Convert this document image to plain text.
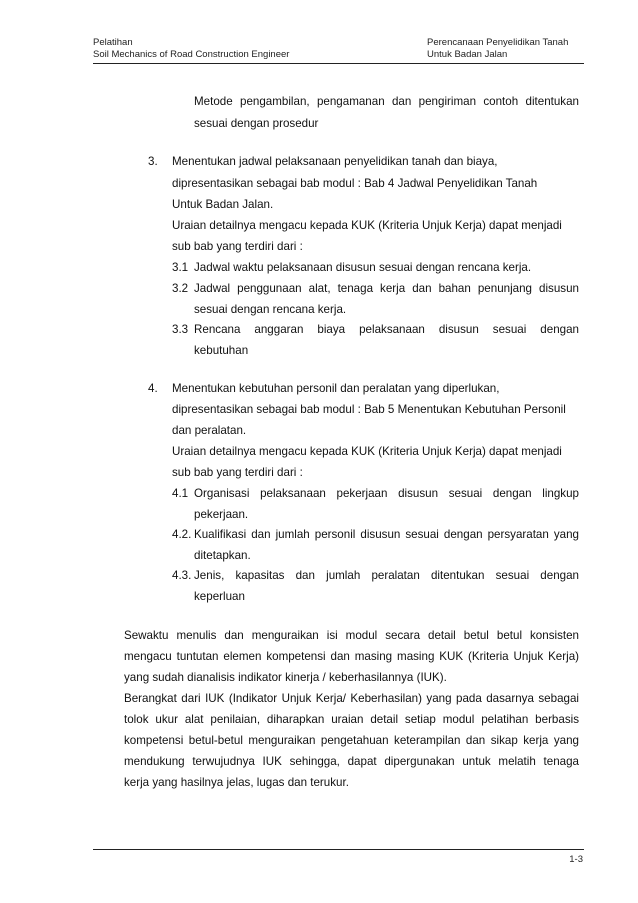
Pelatihan
Soil Mechanics of Road Construction Engineer
Perencanaan Penyelidikan Tanah
Untuk Badan Jalan
Metode pengambilan, pengamanan dan pengiriman contoh ditentukan
sesuai dengan prosedur
3. Menentukan jadwal pelaksanaan penyelidikan tanah dan biaya,
dipresentasikan sebagai bab modul : Bab 4 Jadwal Penyelidikan Tanah
Untuk Badan Jalan.
Uraian detailnya mengacu kepada KUK (Kriteria Unjuk Kerja) dapat menjadi
sub bab yang terdiri dari :
3.1 Jadwal waktu pelaksanaan disusun sesuai dengan rencana kerja.
3.2 Jadwal penggunaan alat, tenaga kerja dan bahan penunjang disusun
sesuai dengan rencana kerja.
3.3 Rencana anggaran biaya pelaksanaan disusun sesuai dengan
kebutuhan
4. Menentukan kebutuhan personil dan peralatan yang diperlukan,
dipresentasikan sebagai bab modul : Bab 5 Menentukan Kebutuhan Personil
dan peralatan.
Uraian detailnya mengacu kepada KUK (Kriteria Unjuk Kerja) dapat menjadi
sub bab yang terdiri dari :
4.1 Organisasi pelaksanaan pekerjaan disusun sesuai dengan lingkup
pekerjaan.
4.2. Kualifikasi dan jumlah personil disusun sesuai dengan persyaratan yang
ditetapkan.
4.3. Jenis, kapasitas dan jumlah peralatan ditentukan sesuai dengan
keperluan
Sewaktu menulis dan menguraikan isi modul secara detail betul betul konsisten
mengacu tuntutan elemen kompetensi dan masing masing KUK (Kriteria Unjuk Kerja)
yang sudah dianalisis indikator kinerja / keberhasilannya (IUK).
Berangkat dari IUK (Indikator Unjuk Kerja/ Keberhasilan) yang pada dasarnya sebagai
tolok ukur alat penilaian, diharapkan uraian detail setiap modul pelatihan berbasis
kompetensi betul-betul menguraikan pengetahuan keterampilan dan sikap kerja yang
mendukung terwujudnya IUK sehingga, dapat dipergunakan untuk melatih tenaga
kerja yang hasilnya jelas, lugas dan terukur.
1-3
